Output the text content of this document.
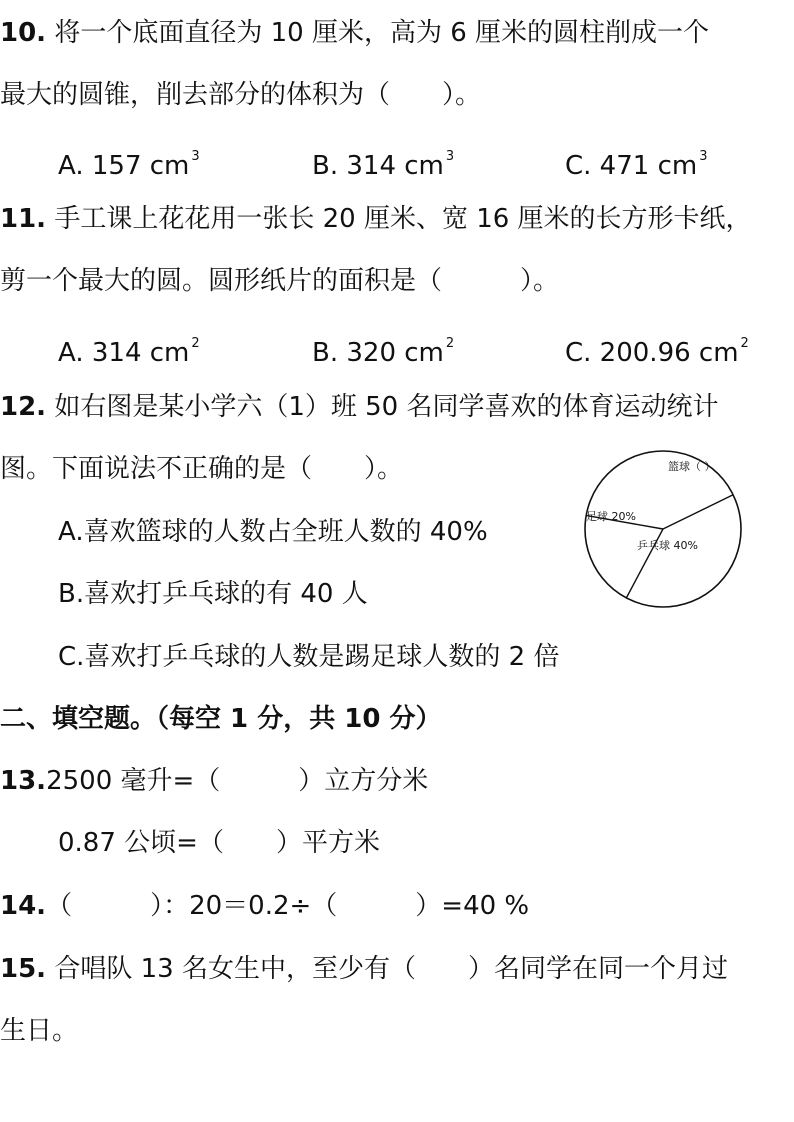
10. 将一个底面直径为 10 厘米，高为 6 厘米的圆柱削成一个
最大的圆锥，削去部分的体积为（　　）。
A. 157 cm $^3$	B. 314 cm $^3$	C. 471 cm $^3$
11. 手工课上花花用一张长 20 厘米、宽 16 厘米的长方形卡纸，
剪一个最大的圆。圆形纸片的面积是（　　　）。
A. 314 cm $^2$	B. 320 cm $^2$	C. 200.96 cm $^2$
12. 如右图是某小学六（1）班 50 名同学喜欢的体育运动统计
图。下面说法不正确的是（　　）。
A.喜欢篮球的人数占全班人数的 40%
B.喜欢打乒乓球的有 40 人
C.喜欢打乒乓球的人数是踢足球人数的 2 倍
篮球（ ）
足球 20%
乒乓球 40%
二、填空题。（每空 1 分，共 10 分）
13.2500 毫升=（　　　）立方分米
0.87 公顷=（　　）平方米
14.（　　　）：20＝0.2÷（　　　）=40 %
15. 合唱队 13 名女生中，至少有（　　）名同学在同一个月过
生日。
